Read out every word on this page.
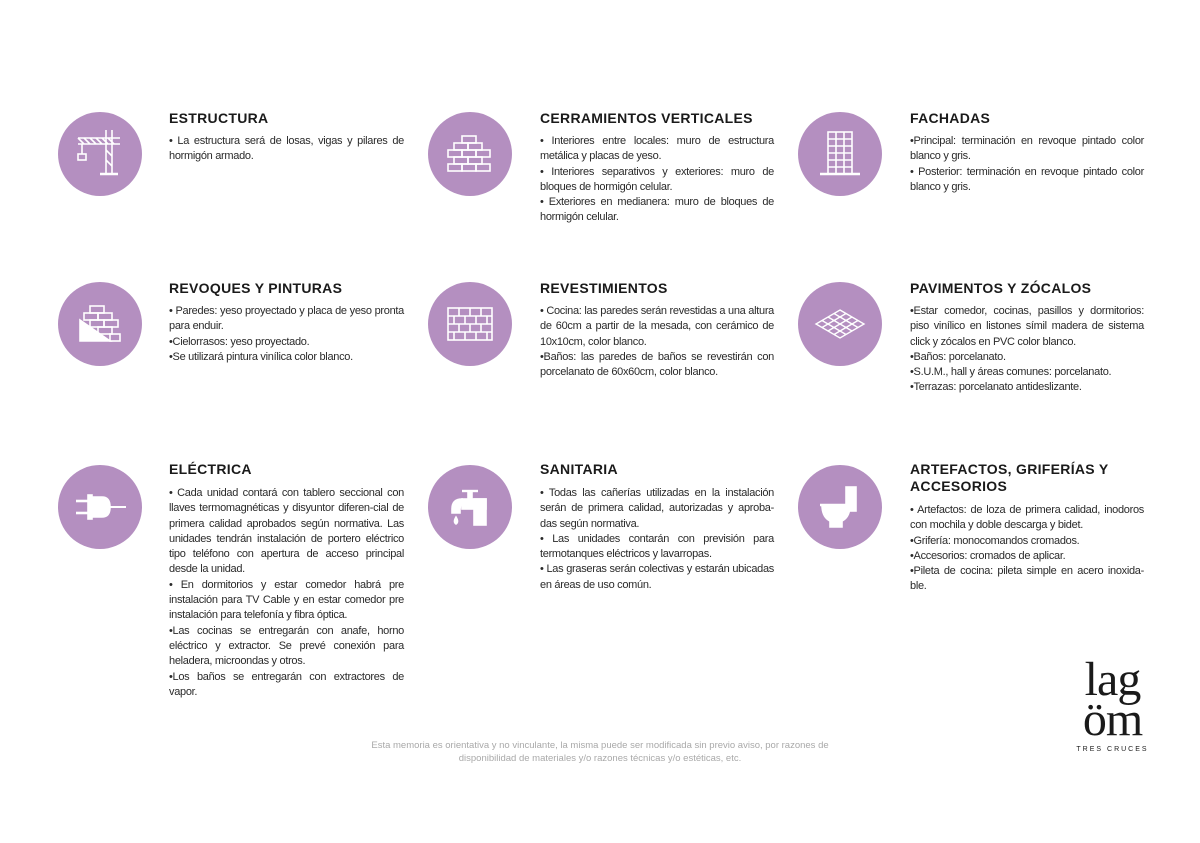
ESTRUCTURA

• La estructura será de losas, vigas y pilares de hormigón armado.

CERRAMIENTOS VERTICALES

• Interiores entre locales: muro de estructura metálica y placas de yeso.

• Interiores separativos y exteriores: muro de bloques de hormigón celular.

• Exteriores en medianera: muro de bloques de hormigón celular.

FACHADAS

•Principal: terminación en revoque pintado color blanco y gris.

• Posterior: terminación en revoque pintado color blanco y gris.

REVOQUES Y PINTURAS

• Paredes: yeso proyectado y placa de yeso pronta para enduir.

•Cielorrasos: yeso proyectado.

•Se utilizará pintura vinílica color blanco.

REVESTIMIENTOS

• Cocina: las paredes serán revestidas a una altura de 60cm a partir de la mesada, con cerámico de 10x10cm, color blanco.

•Baños: las paredes de baños se revestirán con porcelanato de 60x60cm, color blanco.

PAVIMENTOS Y ZÓCALOS

•Estar comedor, cocinas, pasillos y dormitorios: piso vinílico en listones símil madera de sistema click y zócalos en PVC color blanco.

•Baños: porcelanato.

•S.U.M., hall y áreas comunes: porcelanato.

•Terrazas: porcelanato antideslizante.

ELÉCTRICA

• Cada unidad contará con tablero seccional con llaves termomagnéticas y disyuntor diferen-cial de primera calidad aprobados según normativa. Las unidades tendrán instalación de portero eléctrico tipo teléfono con apertura de acceso principal desde la unidad.

• En dormitorios y estar comedor habrá pre instalación para TV Cable y en estar comedor pre instalación para telefonía y fibra óptica.

•Las cocinas se entregarán con anafe, horno eléctrico y extractor. Se prevé conexión para heladera, microondas y otros.

•Los baños se entregarán con extractores de vapor.

SANITARIA

• Todas las cañerías utilizadas en la instalación serán de primera calidad, autorizadas y aproba-das según normativa.

• Las unidades contarán con previsión para termotanques eléctricos y lavarropas.

• Las graseras serán colectivas y estarán ubicadas en áreas de uso común.

ARTEFACTOS, GRIFERÍAS Y ACCESORIOS

• Artefactos: de loza de primera calidad, inodoros con mochila y doble descarga y bidet.

•Grifería: monocomandos cromados.

•Accesorios: cromados de aplicar.

•Pileta de cocina: pileta simple en acero inoxida-ble.

Esta memoria es orientativa y no vinculante, la misma puede ser modificada sin previo aviso, por razones de
disponibilidad de materiales y/o razones técnicas y/o estéticas, etc.
lag
öm
TRES CRUCES
